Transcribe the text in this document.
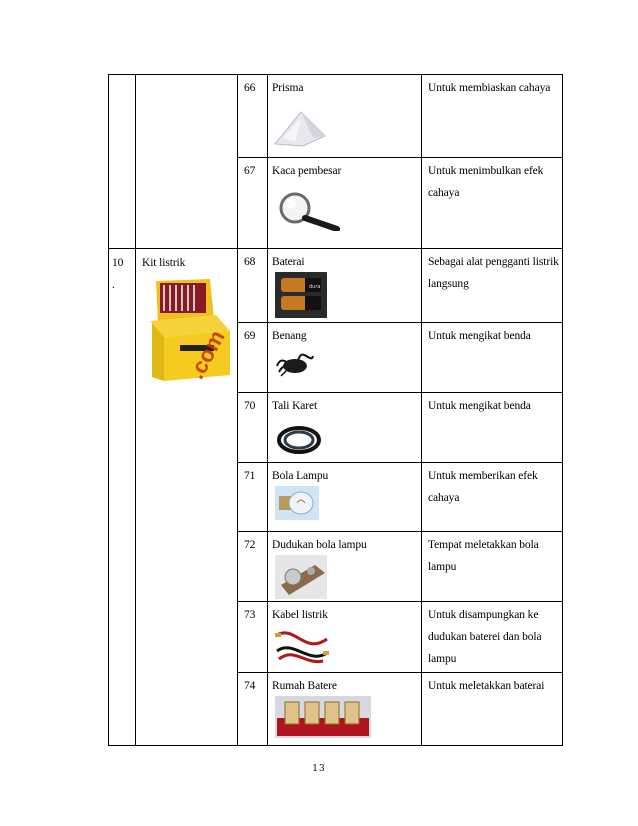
10
.
Kit listrik
.com
66	Prisma	Untuk membiaskan cahaya
67	Kaca pembesar	Untuk menimbulkan efek cahaya
68	Baterai	Sebagai alat pengganti listrik langsung
dura
69	Benang	Untuk mengikat benda
70	Tali Karet	Untuk mengikat benda
71	Bola Lampu	Untuk memberikan efek cahaya
72	Dudukan bola lampu	Tempat meletakkan bola lampu
73	Kabel listrik	Untuk disampungkan ke dudukan baterei dan bola lampu
74	Rumah Batere	Untuk meletakkan baterai
13
